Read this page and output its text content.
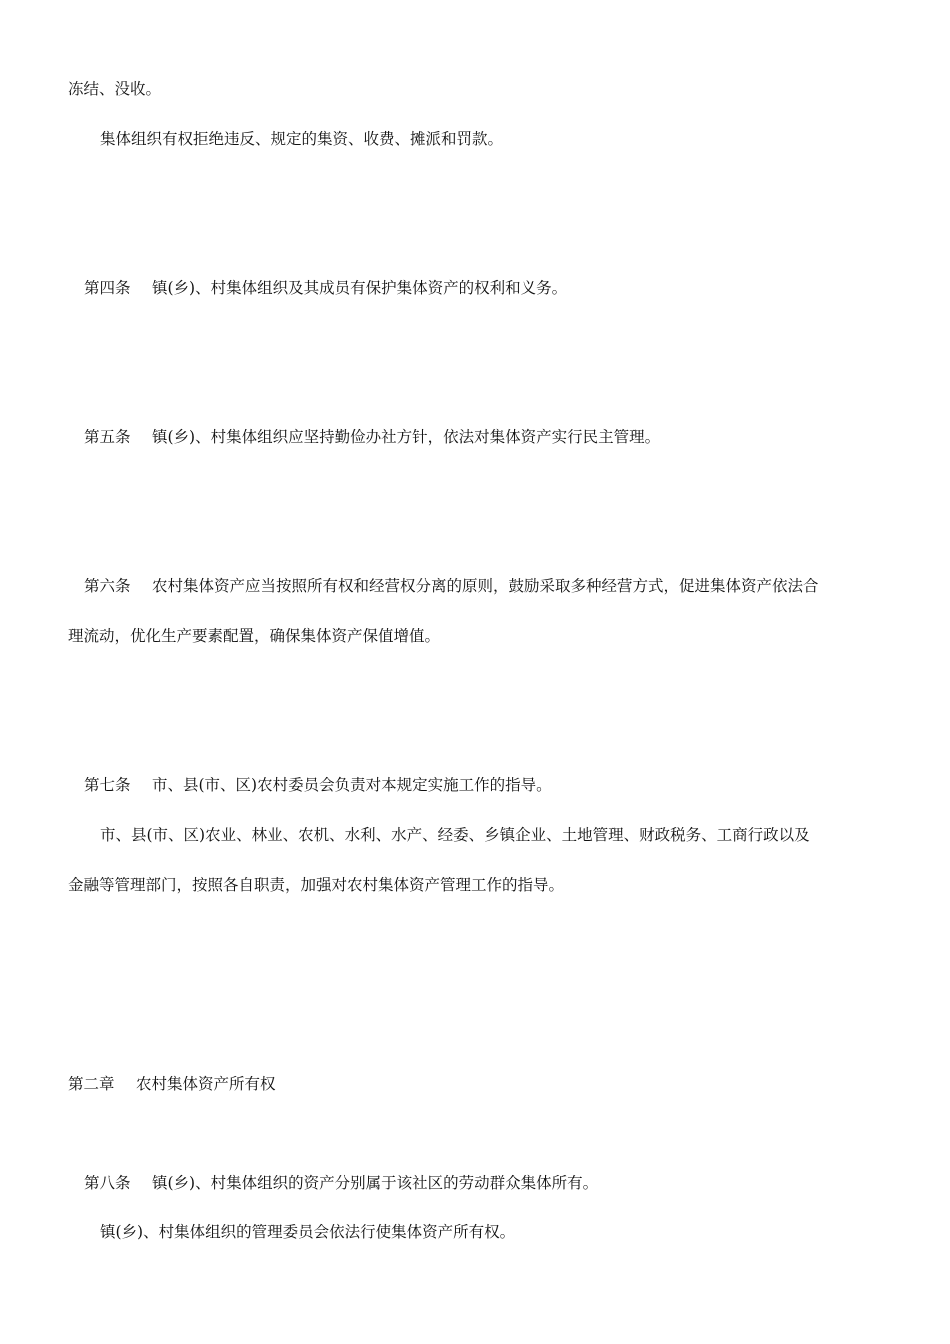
冻结、没收。
集体组织有权拒绝违反、规定的集资、收费、摊派和罚款。
第四条 镇(乡)、村集体组织及其成员有保护集体资产的权利和义务。
第五条 镇(乡)、村集体组织应坚持勤俭办社方针，依法对集体资产实行民主管理。
第六条 农村集体资产应当按照所有权和经营权分离的原则，鼓励采取多种经营方式，促进集体资产依法合
理流动，优化生产要素配置，确保集体资产保值增值。
第七条 市、县(市、区)农村委员会负责对本规定实施工作的指导。
市、县(市、区)农业、林业、农机、水利、水产、经委、乡镇企业、土地管理、财政税务、工商行政以及
金融等管理部门，按照各自职责，加强对农村集体资产管理工作的指导。
第二章 农村集体资产所有权
第八条 镇(乡)、村集体组织的资产分别属于该社区的劳动群众集体所有。
镇(乡)、村集体组织的管理委员会依法行使集体资产所有权。
